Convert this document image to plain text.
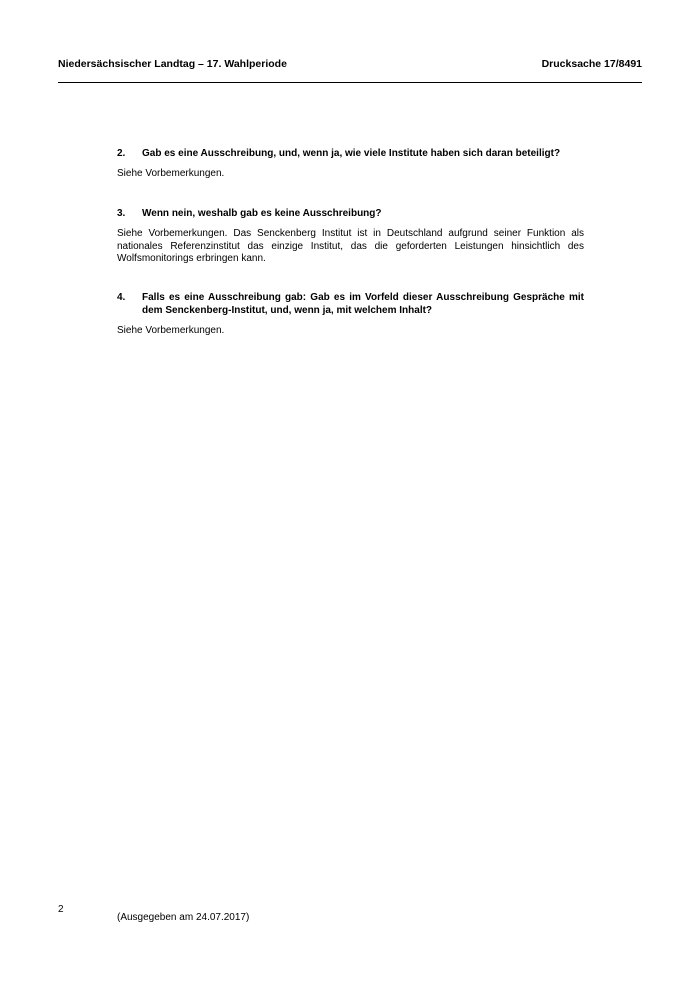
Niedersächsischer Landtag – 17. Wahlperiode	Drucksache 17/8491

2. Gab es eine Ausschreibung, und, wenn ja, wie viele Institute haben sich daran beteiligt?

Siehe Vorbemerkungen.

3. Wenn nein, weshalb gab es keine Ausschreibung?

Siehe Vorbemerkungen. Das Senckenberg Institut ist in Deutschland aufgrund seiner Funktion als nationales Referenzinstitut das einzige Institut, das die geforderten Leistungen hinsichtlich des Wolfsmonitorings erbringen kann.

4. Falls es eine Ausschreibung gab: Gab es im Vorfeld dieser Ausschreibung Gespräche mit dem Senckenberg-Institut, und, wenn ja, mit welchem Inhalt?

Siehe Vorbemerkungen.

2
(Ausgegeben am 24.07.2017)
